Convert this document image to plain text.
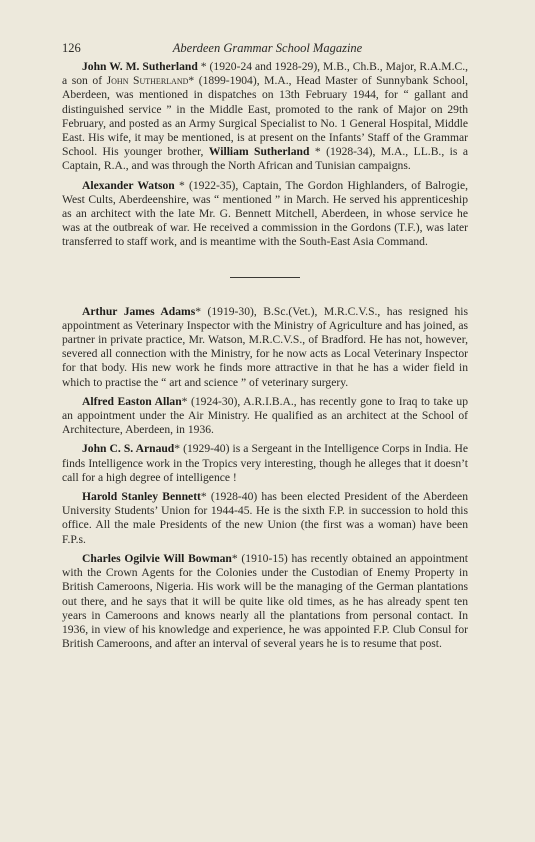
126	Aberdeen Grammar School Magazine

John W. M. Sutherland * (1920-24 and 1928-29), M.B., Ch.B., Major, R.A.M.C., a son of John Sutherland* (1899-1904), M.A., Head Master of Sunnybank School, Aberdeen, was mentioned in dispatches on 13th February 1944, for “ gallant and distinguished service ” in the Middle East, promoted to the rank of Major on 29th February, and posted as an Army Surgical Specialist to No. 1 General Hospital, Middle East. His wife, it may be mentioned, is at present on the Infants’ Staff of the Grammar School. His younger brother, William Sutherland * (1928-34), M.A., LL.B., is a Captain, R.A., and was through the North African and Tunisian campaigns.

Alexander Watson * (1922-35), Captain, The Gordon Highlanders, of Balrogie, West Cults, Aberdeenshire, was “ mentioned ” in March. He served his apprenticeship as an architect with the late Mr. G. Bennett Mitchell, Aberdeen, in whose service he was at the outbreak of war. He received a commission in the Gordons (T.F.), was later transferred to staff work, and is meantime with the South-East Asia Command.

Arthur James Adams* (1919-30), B.Sc.(Vet.), M.R.C.V.S., has resigned his appointment as Veterinary Inspector with the Ministry of Agriculture and has joined, as partner in private practice, Mr. Watson, M.R.C.V.S., of Bradford. He has not, however, severed all connection with the Ministry, for he now acts as Local Veterinary Inspector for that body. His new work he finds more attractive in that he has a wider field in which to practise the “ art and science ” of veterinary surgery.

Alfred Easton Allan* (1924-30), A.R.I.B.A., has recently gone to Iraq to take up an appointment under the Air Ministry. He qualified as an architect at the School of Architecture, Aberdeen, in 1936.

John C. S. Arnaud* (1929-40) is a Sergeant in the Intelligence Corps in India. He finds Intelligence work in the Tropics very interesting, though he alleges that it doesn’t call for a high degree of intelligence !

Harold Stanley Bennett* (1928-40) has been elected President of the Aberdeen University Students’ Union for 1944-45. He is the sixth F.P. in succession to hold this office. All the male Presidents of the new Union (the first was a woman) have been F.P.s.

Charles Ogilvie Will Bowman* (1910-15) has recently obtained an appointment with the Crown Agents for the Colonies under the Custodian of Enemy Property in British Cameroons, Nigeria. His work will be the managing of the German plantations out there, and he says that it will be quite like old times, as he has already spent ten years in Cameroons and knows nearly all the plantations from personal contact. In 1936, in view of his knowledge and experience, he was appointed F.P. Club Consul for British Cameroons, and after an interval of several years he is to resume that post.
